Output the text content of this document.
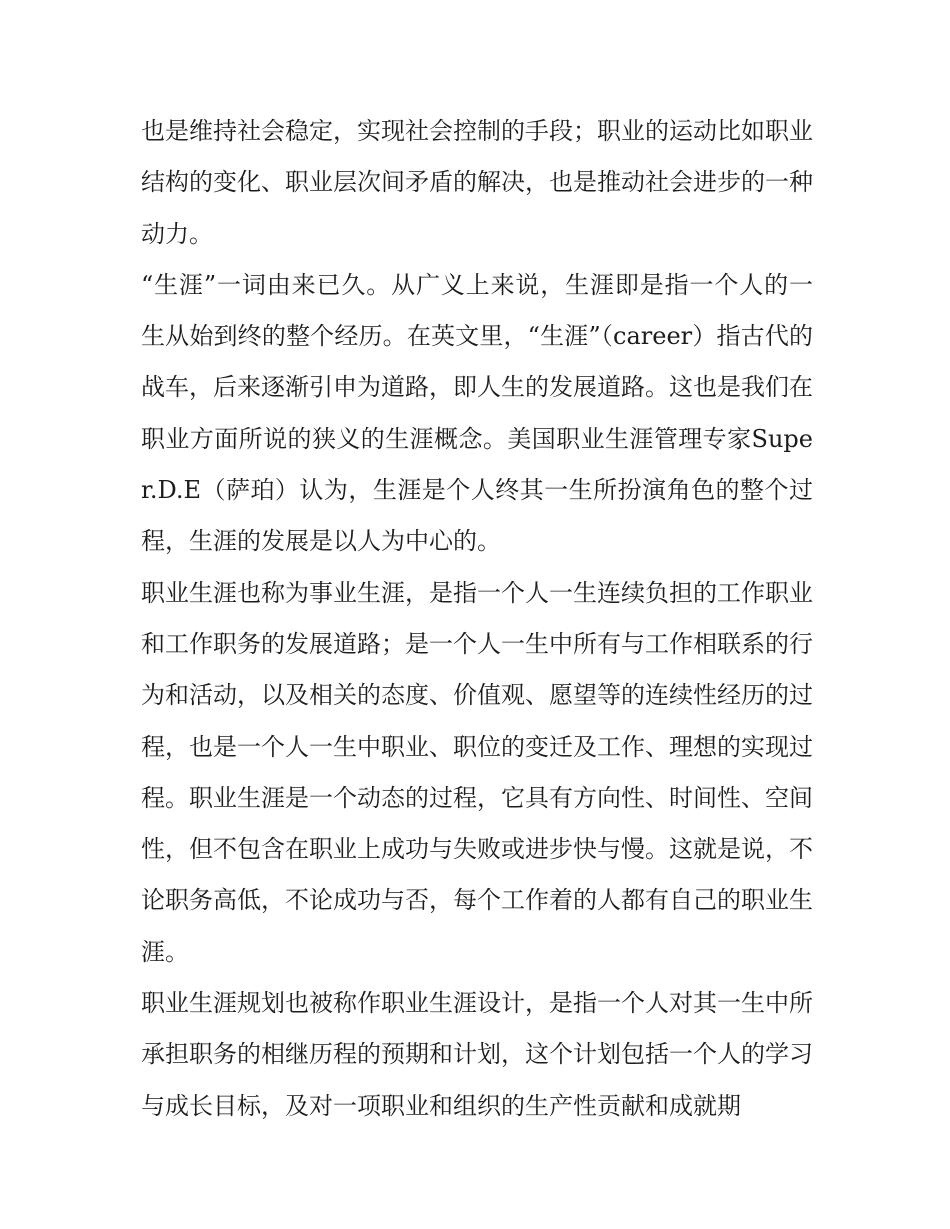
也是维持社会稳定，实现社会控制的手段；职业的运动比如职业结构的变化、职业层次间矛盾的解决，也是推动社会进步的一种动力。

“生涯”一词由来已久。从广义上来说，生涯即是指一个人的一生从始到终的整个经历。在英文里，“生涯”（career）指古代的战车，后来逐渐引申为道路，即人生的发展道路。这也是我们在职业方面所说的狭义的生涯概念。美国职业生涯管理专家Super.D.E（萨珀）认为，生涯是个人终其一生所扮演角色的整个过程，生涯的发展是以人为中心的。

职业生涯也称为事业生涯，是指一个人一生连续负担的工作职业和工作职务的发展道路；是一个人一生中所有与工作相联系的行为和活动，以及相关的态度、价值观、愿望等的连续性经历的过程，也是一个人一生中职业、职位的变迁及工作、理想的实现过程。职业生涯是一个动态的过程，它具有方向性、时间性、空间性，但不包含在职业上成功与失败或进步快与慢。这就是说，不论职务高低，不论成功与否，每个工作着的人都有自己的职业生涯。

职业生涯规划也被称作职业生涯设计，是指一个人对其一生中所承担职务的相继历程的预期和计划，这个计划包括一个人的学习与成长目标，及对一项职业和组织的生产性贡献和成就期
